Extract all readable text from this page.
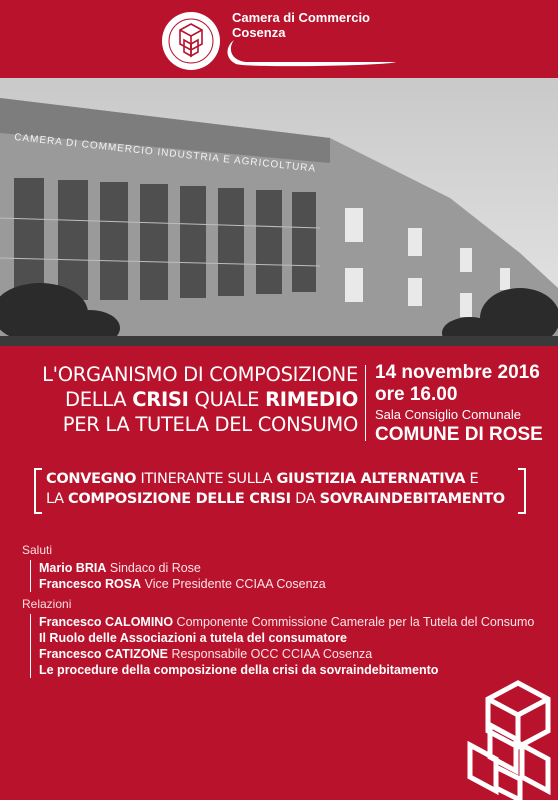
Camera di Commercio
Cosenza
CAMERA DI COMMERCIO INDUSTRIA E AGRICOLTURA
L'ORGANISMO DI COMPOSIZIONE
DELLA CRISI QUALE RIMEDIO
PER LA TUTELA DEL CONSUMO
14 novembre 2016
ore 16.00
Sala Consiglio Comunale
COMUNE DI ROSE
CONVEGNO ITINERANTE SULLA GIUSTIZIA ALTERNATIVA E
LA COMPOSIZIONE DELLE CRISI DA SOVRAINDEBITAMENTO
Saluti
Mario BRIA Sindaco di Rose
Francesco ROSA Vice Presidente CCIAA Cosenza
Relazioni
Francesco CALOMINO Componente Commissione Camerale per la Tutela del Consumo
Il Ruolo delle Associazioni a tutela del consumatore
Francesco CATIZONE Responsabile OCC CCIAA Cosenza
Le procedure della composizione della crisi da sovraindebitamento
